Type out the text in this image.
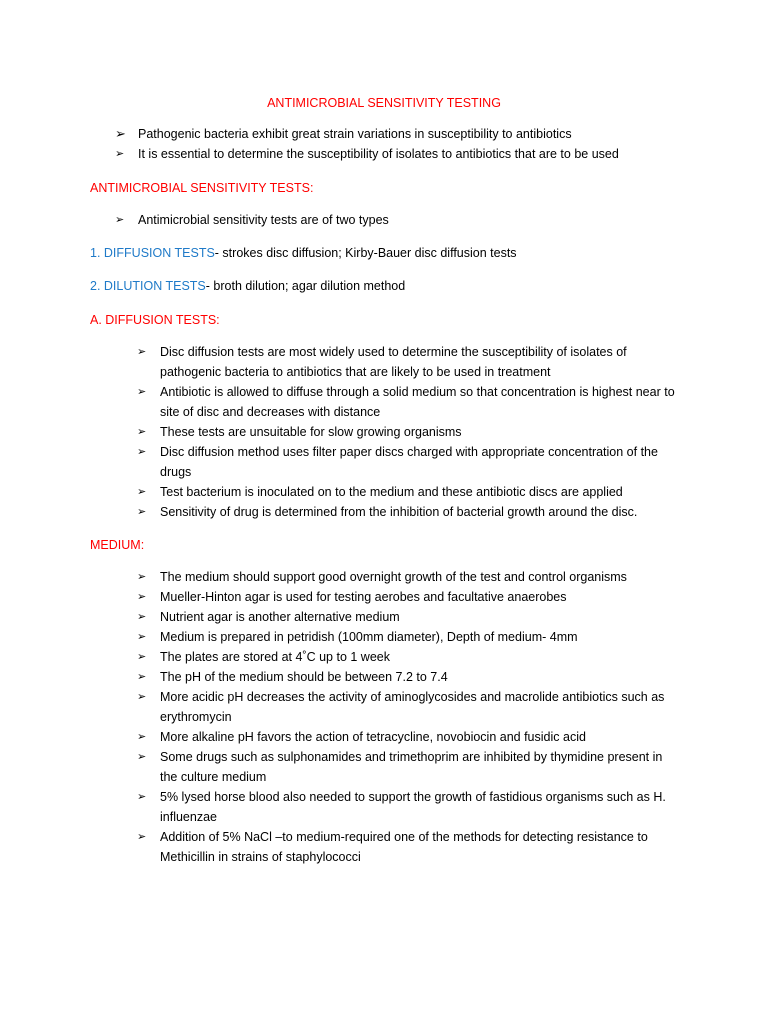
ANTIMICROBIAL SENSITIVITY TESTING
➢ Pathogenic bacteria exhibit great strain variations in susceptibility to antibiotics
➢ It is essential to determine the susceptibility of isolates to antibiotics that are to be used
ANTIMICROBIAL SENSITIVITY TESTS:
➢ Antimicrobial sensitivity tests are of two types
1. DIFFUSION TESTS- strokes disc diffusion; Kirby-Bauer disc diffusion tests
2. DILUTION TESTS- broth dilution; agar dilution method
A. DIFFUSION TESTS:
➢ Disc diffusion tests are most widely used to determine the susceptibility of isolates of pathogenic bacteria to antibiotics that are likely to be used in treatment
➢ Antibiotic is allowed to diffuse through a solid medium so that concentration is highest near to site of disc and decreases with distance
➢ These tests are unsuitable for slow growing organisms
➢ Disc diffusion method uses filter paper discs charged with appropriate concentration of the drugs
➢ Test bacterium is inoculated on to the medium and these antibiotic discs are applied
➢ Sensitivity of drug is determined from the inhibition of bacterial growth around the disc.
MEDIUM:
➢ The medium should support good overnight growth of the test and control organisms
➢ Mueller-Hinton agar is used for testing aerobes and facultative anaerobes
➢ Nutrient agar is another alternative medium
➢ Medium is prepared in petridish (100mm diameter), Depth of medium- 4mm
➢ The plates are stored at 4˚C up to 1 week
➢ The pH of the medium should be between 7.2 to 7.4
➢ More acidic pH decreases the activity of aminoglycosides and macrolide antibiotics such as erythromycin
➢ More alkaline pH favors the action of tetracycline, novobiocin and fusidic acid
➢ Some drugs such as sulphonamides and trimethoprim are inhibited by thymidine present in the culture medium
➢ 5% lysed horse blood also needed to support the growth of fastidious organisms such as H. influenzae
➢ Addition of 5% NaCl –to medium-required one of the methods for detecting resistance to Methicillin in strains of staphylococci
